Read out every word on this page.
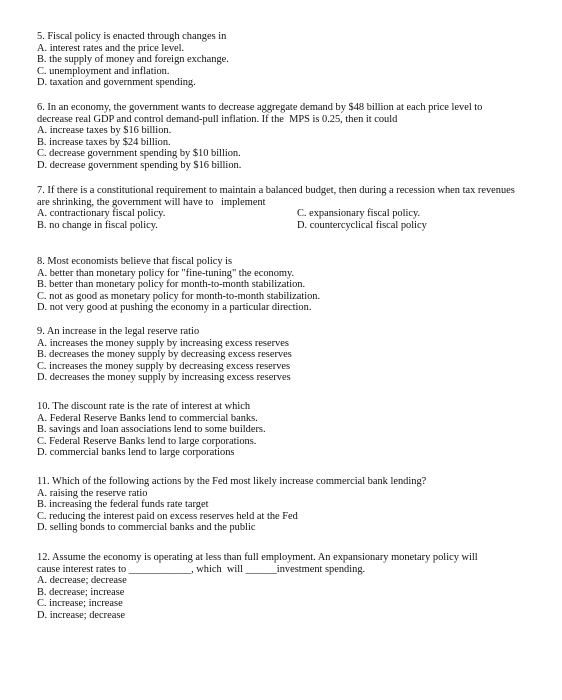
5. Fiscal policy is enacted through changes in
A. interest rates and the price level.
B. the supply of money and foreign exchange.
C. unemployment and inflation.
D. taxation and government spending.
6. In an economy, the government wants to decrease aggregate demand by $48 billion at each price level to
decrease real GDP and control demand-pull inflation. If the  MPS is 0.25, then it could
A. increase taxes by $16 billion.
B. increase taxes by $24 billion.
C. decrease government spending by $10 billion.
D. decrease government spending by $16 billion.
7. If there is a constitutional requirement to maintain a balanced budget, then during a recession when tax revenues
are shrinking, the government will have to   implement
A. contractionary fiscal policy.	C. expansionary fiscal policy.
B. no change in fiscal policy.	D. countercyclical fiscal policy
8. Most economists believe that fiscal policy is
A. better than monetary policy for "fine-tuning" the economy.
B. better than monetary policy for month-to-month stabilization.
C. not as good as monetary policy for month-to-month stabilization.
D. not very good at pushing the economy in a particular direction.
9. An increase in the legal reserve ratio
A. increases the money supply by increasing excess reserves
B. decreases the money supply by decreasing excess reserves
C. increases the money supply by decreasing excess reserves
D. decreases the money supply by increasing excess reserves
10. The discount rate is the rate of interest at which
A. Federal Reserve Banks lend to commercial banks.
B. savings and loan associations lend to some builders.
C. Federal Reserve Banks lend to large corporations.
D. commercial banks lend to large corporations
11. Which of the following actions by the Fed most likely increase commercial bank lending?
A. raising the reserve ratio
B. increasing the federal funds rate target
C. reducing the interest paid on excess reserves held at the Fed
D. selling bonds to commercial banks and the public
12. Assume the economy is operating at less than full employment. An expansionary monetary policy will
cause interest rates to ____________, which  will ______investment spending.
A. decrease; decrease
B. decrease; increase
C. increase; increase
D. increase; decrease
